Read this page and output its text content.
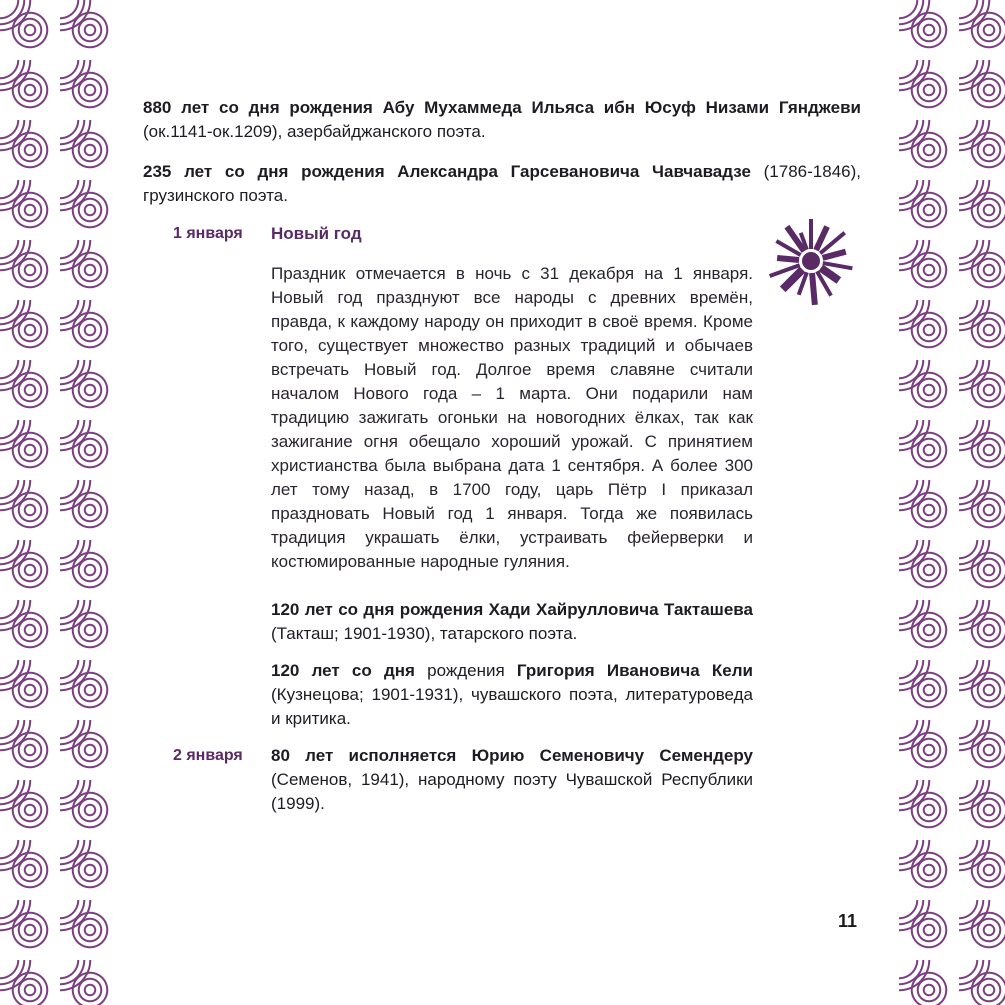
880 лет со дня рождения Абу Мухаммеда Ильяса ибн Юсуф Низами Гянджеви (ок.1141-ок.1209), азербайджанского поэта.

235 лет со дня рождения Александра Гарсевановича Чавчавадзе (1786-1846), грузинского поэта.

1 января	Новый год

Праздник отмечается в ночь с 31 декабря на 1 января. Новый год празднуют все народы с древних времён, правда, к каждому народу он приходит в своё время. Кроме того, существует множество разных традиций и обычаев встречать Новый год. Долгое время славяне считали началом Нового года – 1 марта. Они подарили нам традицию зажигать огоньки на новогодних ёлках, так как зажигание огня обещало хороший урожай. С принятием христианства была выбрана дата 1 сентября. А более 300 лет тому назад, в 1700 году, царь Пётр I приказал праздновать Новый год 1 января. Тогда же появилась традиция украшать ёлки, устраивать фейерверки и костюмированные народные гуляния.

120 лет со дня рождения Хади Хайрулловича Такташева (Такташ; 1901-1930), татарского поэта.

120 лет со дня рождения Григория Ивановича Кели (Кузнецова; 1901-1931), чувашского поэта, литературоведа и критика.

2 января	80 лет исполняется Юрию Семеновичу Семендеру (Семенов, 1941), народному поэту Чувашской Республики (1999).

11
